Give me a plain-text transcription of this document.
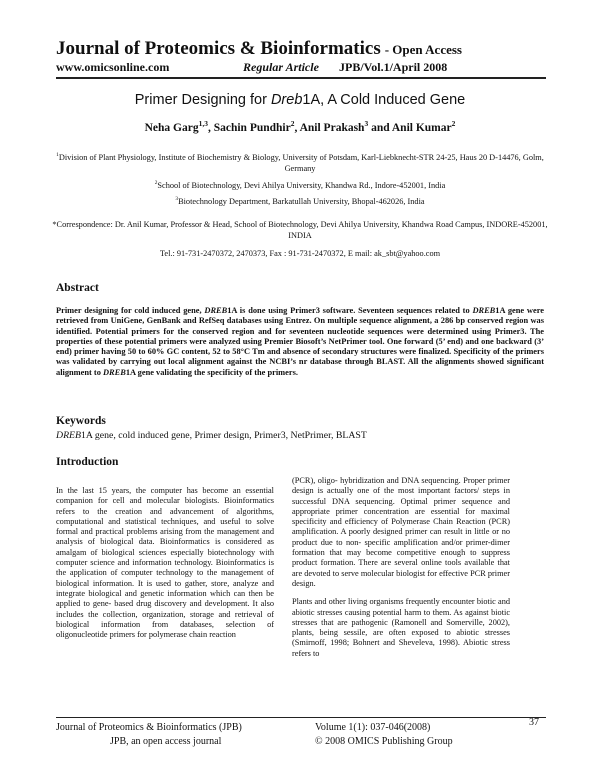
Journal of Proteomics & Bioinformatics - Open Access
www.omicsonline.com	Regular Article JPB/Vol.1/April 2008
Primer Designing for Dreb1A, A Cold Induced Gene
Neha Garg$^{1,3}$, Sachin Pundhir$^2$, Anil Prakash$^3$ and Anil Kumar$^2$
$^1$Division of Plant Physiology, Institute of Biochemistry & Biology, University of Potsdam, Karl-Liebknecht-STR 24-25, Haus 20 D-14476, Golm, Germany
$^2$School of Biotechnology, Devi Ahilya University, Khandwa Rd., Indore-452001, India
$^3$Biotechnology Department, Barkatullah University, Bhopal-462026, India
*Correspondence: Dr. Anil Kumar, Professor & Head, School of Biotechnology, Devi Ahilya University, Khandwa Road Campus, INDORE-452001, INDIA
Tel.: 91-731-2470372, 2470373, Fax : 91-731-2470372, E mail: ak_sbt@yahoo.com
Abstract
Primer designing for cold induced gene, DREB1A is done using Primer3 software. Seventeen sequences related to DREB1A gene were retrieved from UniGene, GenBank and RefSeq databases using Entrez. On multiple sequence alignment, a 286 bp conserved region was identified. Potential primers for the conserved region and for seventeen nucleotide sequences were determined using Primer3. The properties of these potential primers were analyzed using Premier Biosoft’s NetPrimer tool. One forward (5’ end) and one backward (3’ end) primer having 50 to 60% GC content, 52 to 58°C Tm and absence of secondary structures were finalized. Specificity of the primers was validated by carrying out local alignment against the NCBI’s nr database through BLAST. All the alignments showed significant alignment to DREB1A gene validating the specificity of the primers.
Keywords
DREB1A gene, cold induced gene, Primer design, Primer3, NetPrimer, BLAST
Introduction

In the last 15 years, the computer has become an essential companion for cell and molecular biologists. Bioinformatics refers to the creation and advancement of algorithms, computational and statistical techniques, and useful to solve formal and practical problems arising from the management and analysis of biological data. Bioinformatics is considered as amalgam of biological sciences especially biotechnology with computer science and information technology. Bioinformatics is the application of computer technology to the management of biological information. It is used to gather, store, analyze and integrate biological and genetic information which can then be applied to gene- based drug discovery and development. It also includes the collection, organization, storage and retrieval of biological information from databases, selection of oligonucleotide primers for polymerase chain reaction

(PCR), oligo- hybridization and DNA sequencing. Proper primer design is actually one of the most important factors/ steps in successful DNA sequencing. Optimal primer sequence and appropriate primer concentration are essential for maximal specificity and efficiency of Polymerase Chain Reaction (PCR) amplification. A poorly designed primer can result in little or no product due to non- specific amplification and/or primer-dimer formation that may become competitive enough to suppress product formation. There are several online tools available that are devoted to serve molecular biologist for effective PCR primer design.

Plants and other living organisms frequently encounter biotic and abiotic stresses causing potential harm to them. As against biotic stresses that are pathogenic (Ramonell and Somerville, 2002), plants, being sessile, are often exposed to abiotic stresses (Smirnoff, 1998; Bohnert and Sheveleva, 1998). Abiotic stress refers to

Journal of Proteomics & Bioinformatics (JPB)
JPB, an open access journal
Volume 1(1): 037-046(2008)
© 2008 OMICS Publishing Group
37
